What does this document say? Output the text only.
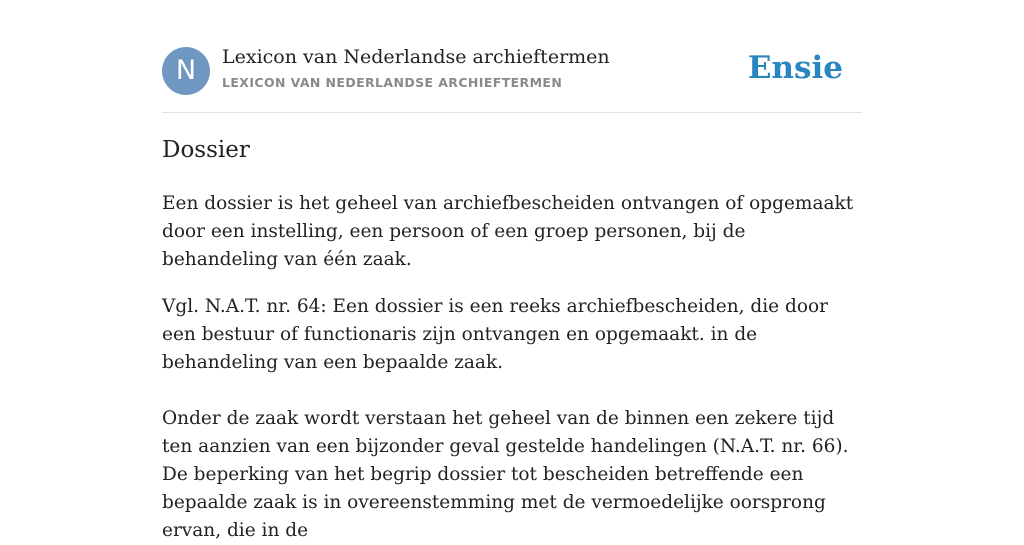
N	Lexicon van Nederlandse archieftermen
LEXICON VAN NEDERLANDSE ARCHIEFTERMEN	Ensie
Dossier

Een dossier is het geheel van archiefbescheiden ontvangen of opgemaakt door een instelling, een persoon of een groep personen, bij de behandeling van één zaak.

Vgl. N.A.T. nr. 64: Een dossier is een reeks archiefbescheiden, die door een bestuur of functionaris zijn ontvangen en opgemaakt. in de behandeling van een bepaalde zaak.

Onder de zaak wordt verstaan het geheel van de binnen een zekere tijd ten aanzien van een bijzonder geval gestelde handelingen (N.A.T. nr. 66). De beperking van het begrip dossier tot bescheiden betreffende een bepaalde zaak is in overeenstemming met de vermoedelijke oorsprong ervan, die in de
